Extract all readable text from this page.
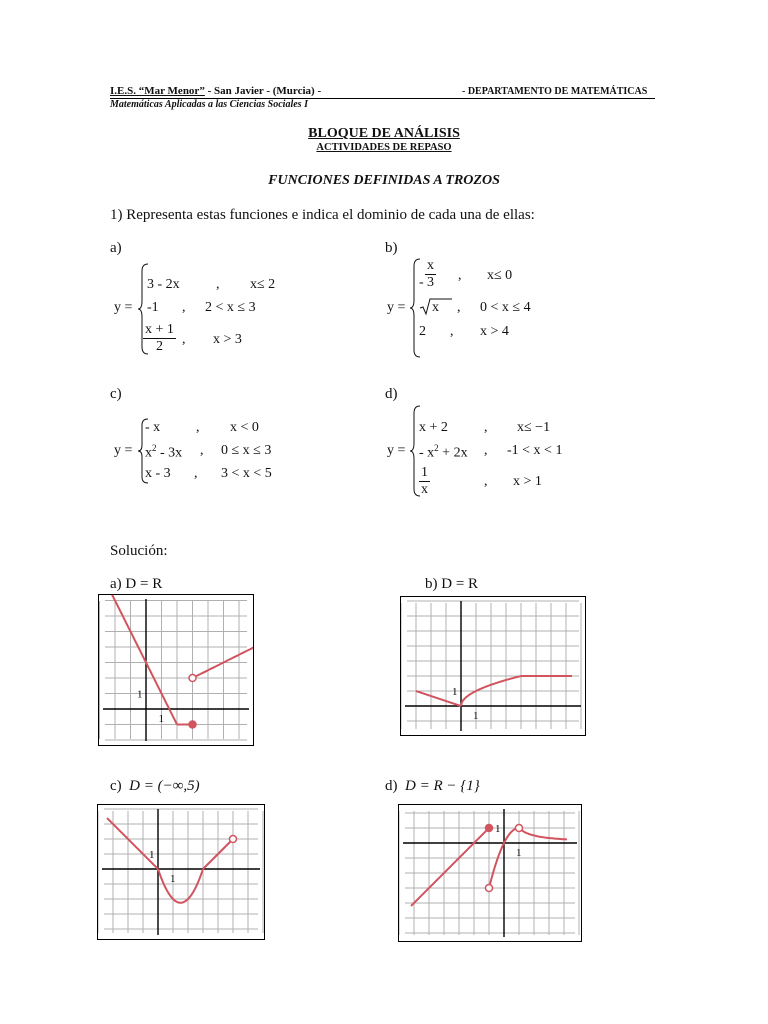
I.E.S. “Mar Menor” - San Javier - (Murcia) -	- DEPARTAMENTO DE MATEMÁTICAS
Matemáticas Aplicadas a las Ciencias Sociales I
BLOQUE DE ANÁLISIS
ACTIVIDADES DE REPASO
FUNCIONES DEFINIDAS A TROZOS
1) Representa estas funciones e indica el dominio de cada una de ellas:
a)
y =
3 - 2x	, x≤ 2
-1 , 2 < x ≤ 3
$\frac{x + 1}{2}$ , x > 3
b)
y =
- $\frac{x}{3}$ , x≤ 0
x , 0 < x ≤ 4
2 , x > 4
c)
y =
- x	, x < 0
$x^2 - 3x$ , 0 ≤ x ≤ 3
x - 3 , 3 < x < 5
d)
y =
x + 2	, x≤ −1
- $x^2 + 2x$ , -1 < x < 1
$\frac{1}{x}$	, x > 1
Solución:
a) D = R	b) D = R
c) D = (−∞,5)	d) D = R − {1}
1
1
1
1
1
1
1
1
